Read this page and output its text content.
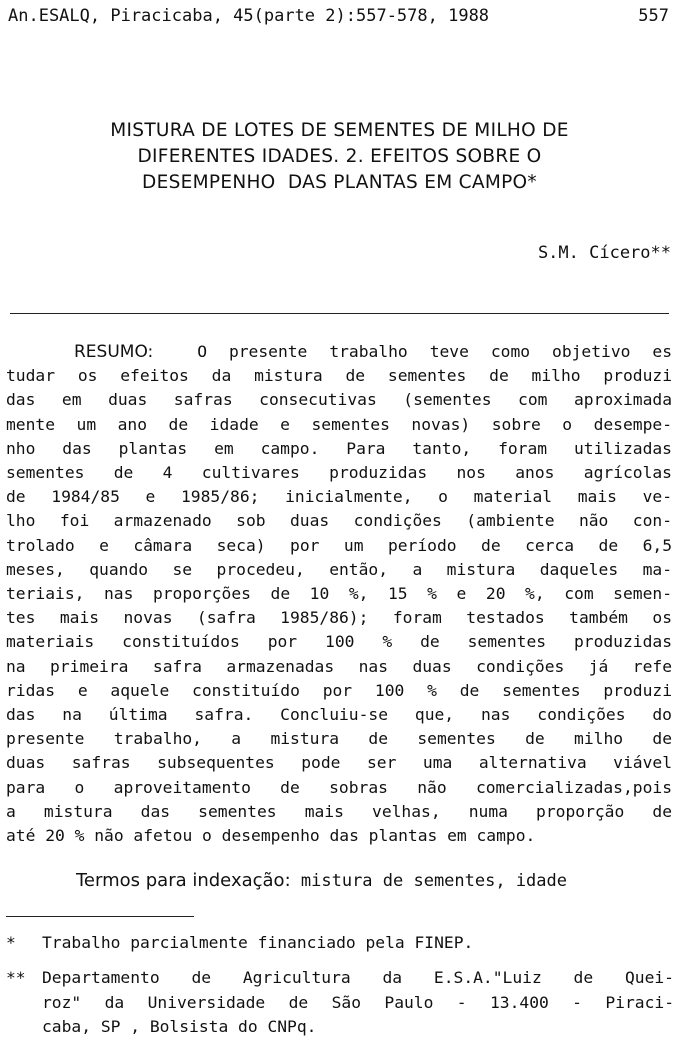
An.ESALQ, Piracicaba, 45(parte 2):557-578, 1988	557
MISTURA DE LOTES DE SEMENTES DE MILHO DE
DIFERENTES IDADES. 2. EFEITOS SOBRE O
DESEMPENHO  DAS PLANTAS EM CAMPO*
S.M. Cícero**
RESUMO:	O presente trabalho teve como objetivo es
tudar os efeitos da mistura de sementes de milho produzi
das em duas safras consecutivas (sementes com aproximada
mente um ano de idade e sementes novas) sobre o desempe-
nho das plantas em campo. Para tanto, foram utilizadas
sementes de 4 cultivares produzidas nos anos agrícolas
de 1984/85 e 1985/86; inicialmente, o material mais ve-
lho foi armazenado sob duas condições (ambiente não con-
trolado e câmara seca) por um período de cerca de 6,5
meses, quando se procedeu, então, a mistura daqueles ma-
teriais, nas proporções de 10 %, 15 % e 20 %, com semen-
tes mais novas (safra 1985/86); foram testados também os
materiais constituídos por 100 % de sementes produzidas
na primeira safra armazenadas nas duas condições já refe
ridas e aquele constituído por 100 % de sementes produzi
das na última safra. Concluiu-se que, nas condições do
presente trabalho, a mistura de sementes de milho de
duas safras subsequentes pode ser uma alternativa viável
para o aproveitamento de sobras não comercializadas,pois
a mistura das sementes mais velhas, numa proporção de
até 20 % não afetou o desempenho das plantas em campo.
Termos para indexação: mistura de sementes, idade
* Trabalho parcialmente financiado pela FINEP.
** Departamento de Agricultura da E.S.A."Luiz de Quei-
roz" da Universidade de São Paulo - 13.400 - Piraci-
caba, SP , Bolsista do CNPq.
